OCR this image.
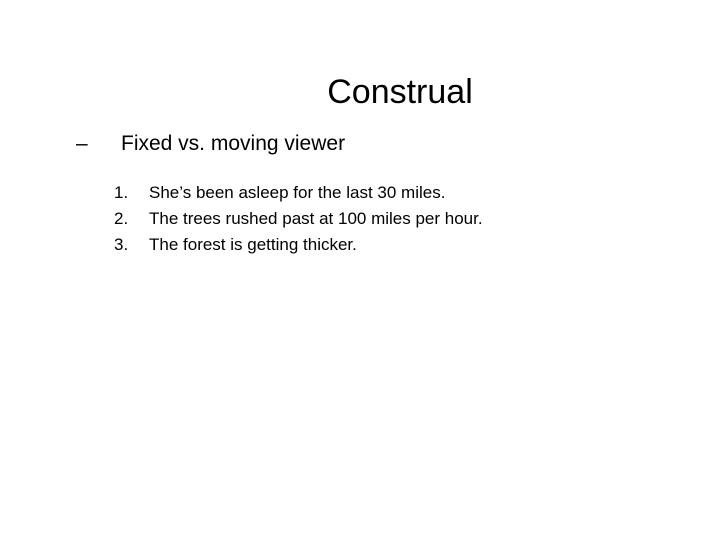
Construal
– Fixed vs. moving viewer
1. She’s been asleep for the last 30 miles.
2. The trees rushed past at 100 miles per hour.
3. The forest is getting thicker.
